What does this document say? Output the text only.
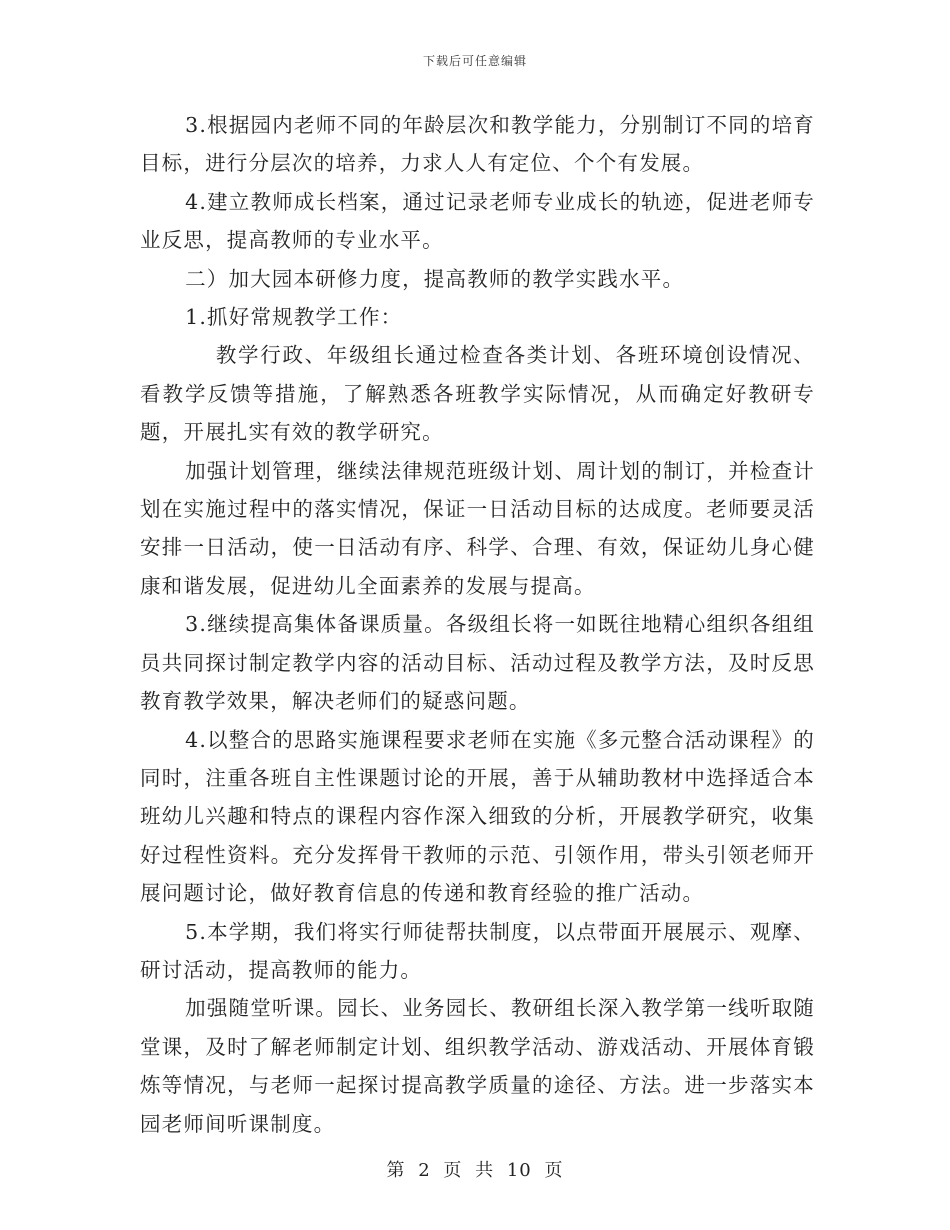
下载后可任意编辑

3.根据园内老师不同的年龄层次和教学能力，分别制订不同的培育目标，进行分层次的培养，力求人人有定位、个个有发展。

4.建立教师成长档案，通过记录老师专业成长的轨迹，促进老师专业反思，提高教师的专业水平。

二）加大园本研修力度，提高教师的教学实践水平。

1.抓好常规教学工作：

教学行政、年级组长通过检查各类计划、各班环境创设情况、看教学反馈等措施，了解熟悉各班教学实际情况，从而确定好教研专题，开展扎实有效的教学研究。

加强计划管理，继续法律规范班级计划、周计划的制订，并检查计划在实施过程中的落实情况，保证一日活动目标的达成度。老师要灵活安排一日活动，使一日活动有序、科学、合理、有效，保证幼儿身心健康和谐发展，促进幼儿全面素养的发展与提高。

3.继续提高集体备课质量。各级组长将一如既往地精心组织各组组员共同探讨制定教学内容的活动目标、活动过程及教学方法，及时反思教育教学效果，解决老师们的疑惑问题。

4.以整合的思路实施课程要求老师在实施《多元整合活动课程》的同时，注重各班自主性课题讨论的开展，善于从辅助教材中选择适合本班幼儿兴趣和特点的课程内容作深入细致的分析，开展教学研究，收集好过程性资料。充分发挥骨干教师的示范、引领作用，带头引领老师开展问题讨论，做好教育信息的传递和教育经验的推广活动。

5.本学期，我们将实行师徒帮扶制度，以点带面开展展示、观摩、研讨活动，提高教师的能力。

加强随堂听课。园长、业务园长、教研组长深入教学第一线听取随堂课，及时了解老师制定计划、组织教学活动、游戏活动、开展体育锻炼等情况，与老师一起探讨提高教学质量的途径、方法。进一步落实本园老师间听课制度。

第 2 页 共 10 页
